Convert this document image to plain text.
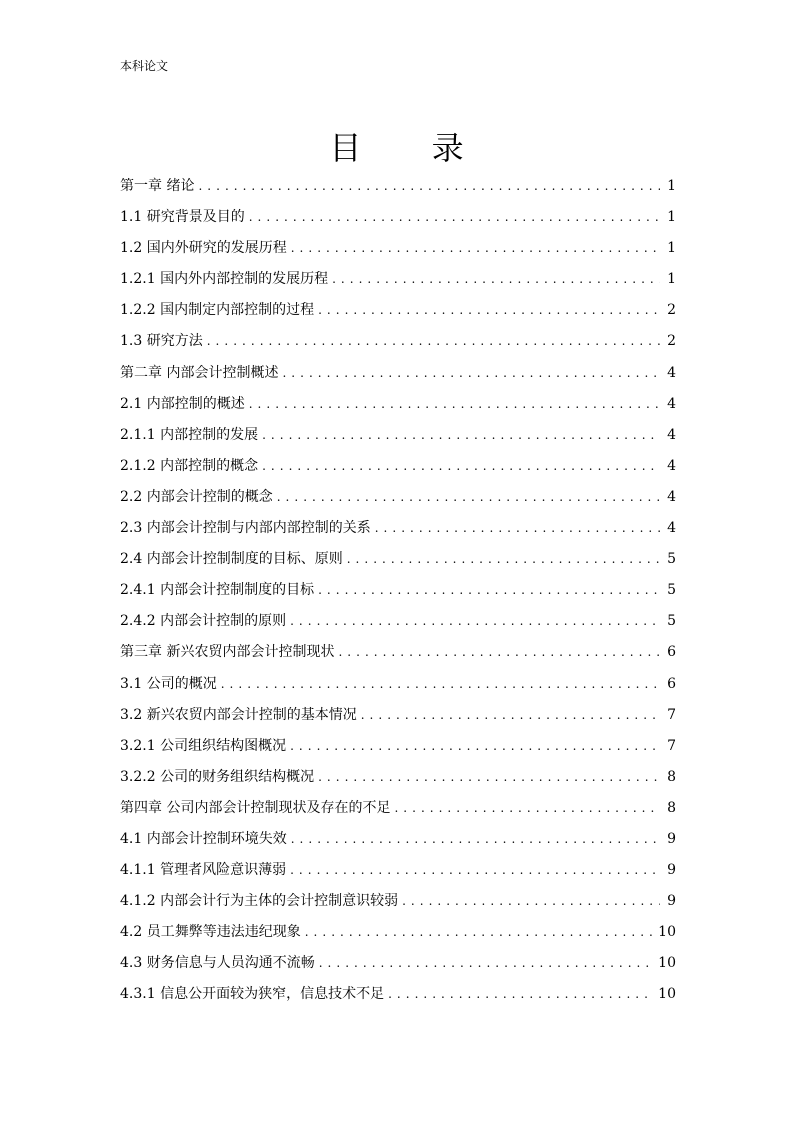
本科论文
目 录
第一章 绪论 . . .	1
1.1 研究背景及目的 . . .	1
1.2 国内外研究的发展历程 . . .	1
1.2.1 国内外内部控制的发展历程 . . .	1
1.2.2 国内制定内部控制的过程 . . .	2
1.3 研究方法 . . .	2
第二章 内部会计控制概述 . . .	4
2.1 内部控制的概述 . . .	4
2.1.1 内部控制的发展 . . .	4
2.1.2 内部控制的概念 . . .	4
2.2 内部会计控制的概念 . . .	4
2.3 内部会计控制与内部内部控制的关系 . . .	4
2.4 内部会计控制制度的目标、原则 . . .	5
2.4.1 内部会计控制制度的目标 . . .	5
2.4.2 内部会计控制的原则 . . .	5
第三章 新兴农贸内部会计控制现状 . . .	6
3.1 公司的概况 . . .	6
3.2 新兴农贸内部会计控制的基本情况 . . .	7
3.2.1 公司组织结构图概况 . . .	7
3.2.2 公司的财务组织结构概况 . . .	8
第四章 公司内部会计控制现状及存在的不足 . . .	8
4.1 内部会计控制环境失效 . . .	9
4.1.1 管理者风险意识薄弱 . . .	9
4.1.2 内部会计行为主体的会计控制意识较弱 . . .	9
4.2 员工舞弊等违法违纪现象 . . .	10
4.3 财务信息与人员沟通不流畅 . . .	10
4.3.1 信息公开面较为狭窄，信息技术不足 . . .	10
